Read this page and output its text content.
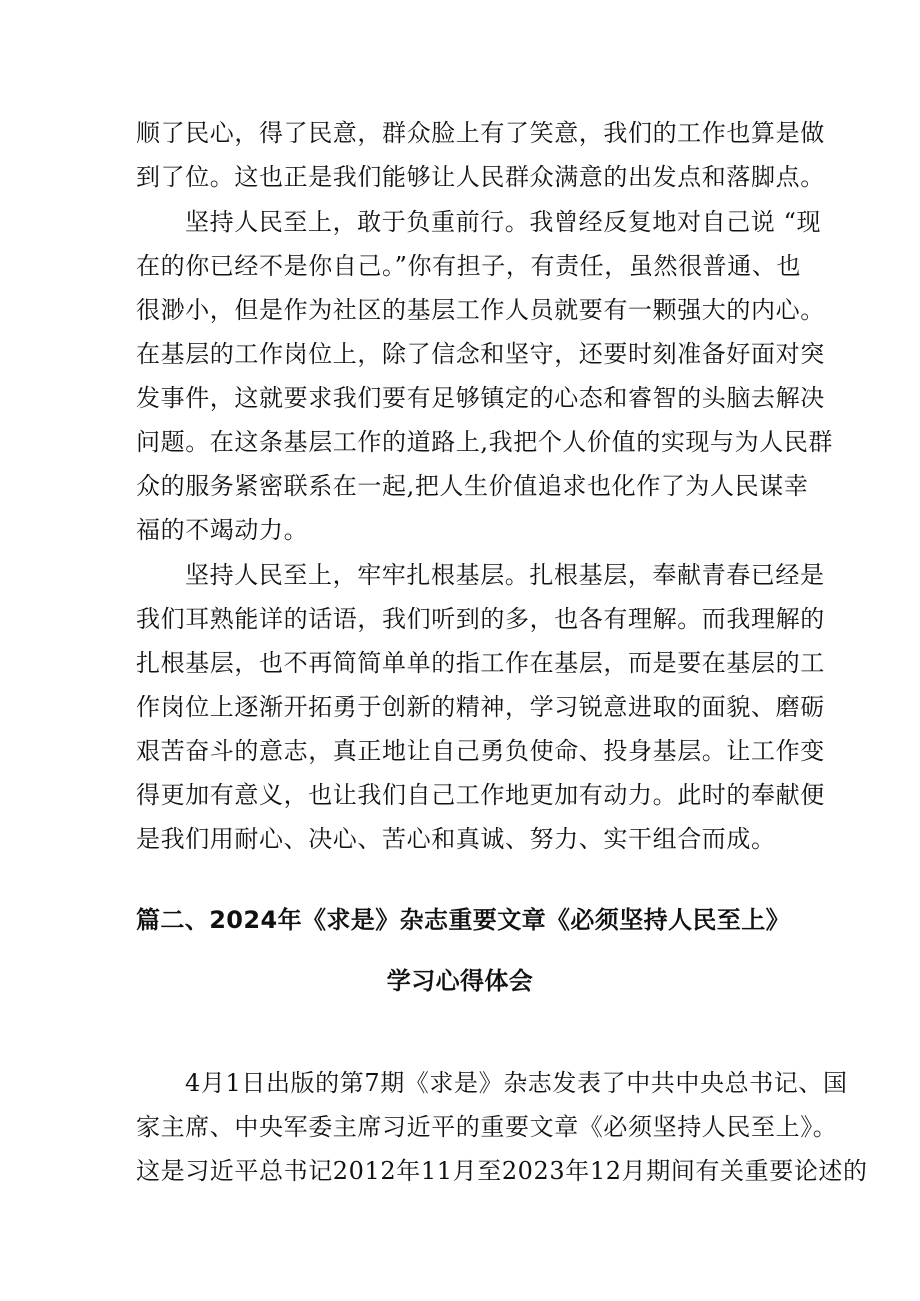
顺了民心，得了民意，群众脸上有了笑意，我们的工作也算是做
到了位。这也正是我们能够让人民群众满意的出发点和落脚点。
坚持人民至上，敢于负重前行。我曾经反复地对自己说 “现
在的你已经不是你自己。”你有担子，有责任，虽然很普通、也
很渺小，但是作为社区的基层工作人员就要有一颗强大的内心。
在基层的工作岗位上，除了信念和坚守，还要时刻准备好面对突
发事件，这就要求我们要有足够镇定的心态和睿智的头脑去解决
问题。在这条基层工作的道路上,我把个人价值的实现与为人民群
众的服务紧密联系在一起,把人生价值追求也化作了为人民谋幸
福的不竭动力。
坚持人民至上，牢牢扎根基层。扎根基层，奉献青春已经是
我们耳熟能详的话语，我们听到的多，也各有理解。而我理解的
扎根基层，也不再简简单单的指工作在基层，而是要在基层的工
作岗位上逐渐开拓勇于创新的精神，学习锐意进取的面貌、磨砺
艰苦奋斗的意志，真正地让自己勇负使命、投身基层。让工作变
得更加有意义，也让我们自己工作地更加有动力。此时的奉献便
是我们用耐心、决心、苦心和真诚、努力、实干组合而成。
篇二、2024年《求是》杂志重要文章《必须坚持人民至上》
学习心得体会
4月1日出版的第7期《求是》杂志发表了中共中央总书记、国
家主席、中央军委主席习近平的重要文章《必须坚持人民至上》。
这是习近平总书记2012年11月至2023年12月期间有关重要论述的
